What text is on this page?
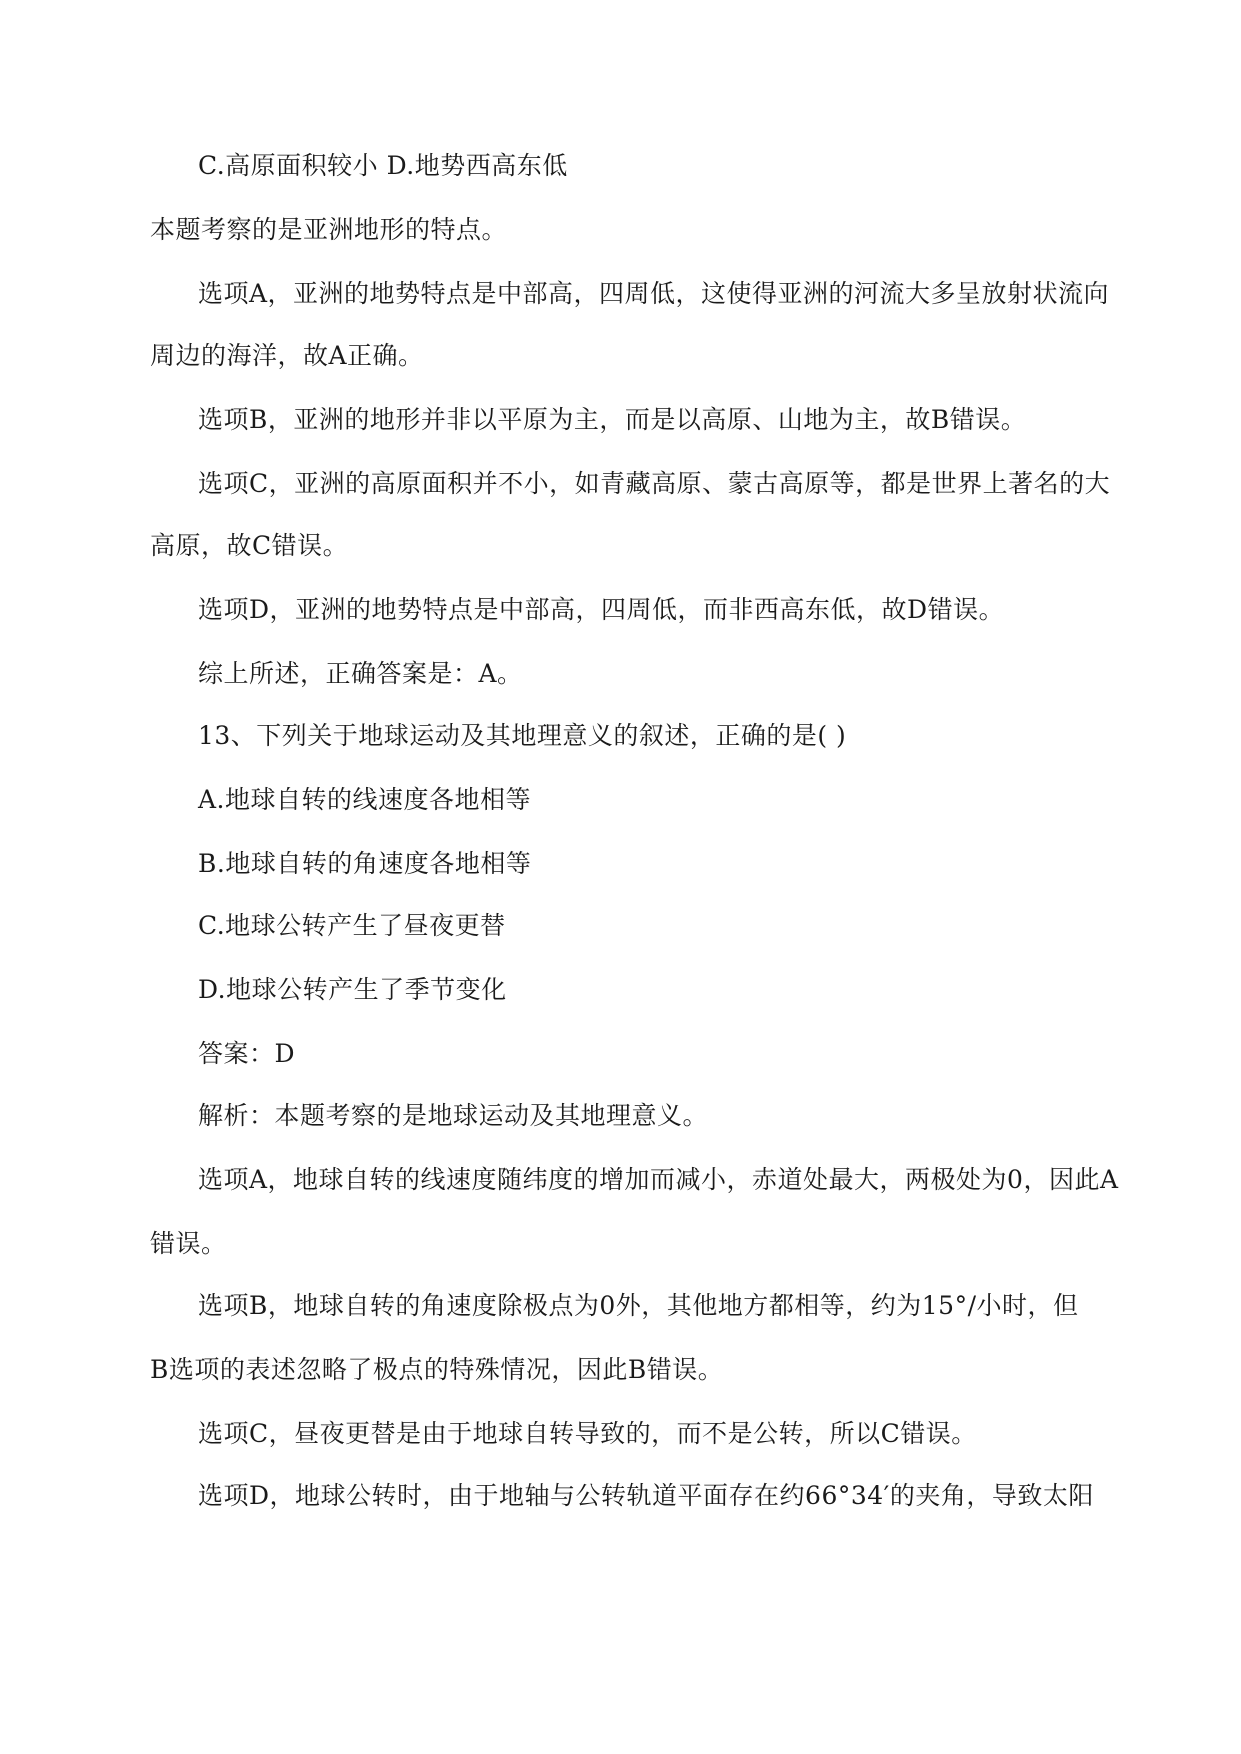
C.高原面积较小 D.地势西高东低
本题考察的是亚洲地形的特点。
选项A，亚洲的地势特点是中部高，四周低，这使得亚洲的河流大多呈放射状流向
周边的海洋，故A正确。
选项B，亚洲的地形并非以平原为主，而是以高原、山地为主，故B错误。
选项C，亚洲的高原面积并不小，如青藏高原、蒙古高原等，都是世界上著名的大
高原，故C错误。
选项D，亚洲的地势特点是中部高，四周低，而非西高东低，故D错误。
综上所述，正确答案是：A。
13、下列关于地球运动及其地理意义的叙述，正确的是( )
A.地球自转的线速度各地相等
B.地球自转的角速度各地相等
C.地球公转产生了昼夜更替
D.地球公转产生了季节变化
答案：D
解析：本题考察的是地球运动及其地理意义。
选项A，地球自转的线速度随纬度的增加而减小，赤道处最大，两极处为0，因此A
错误。
选项B，地球自转的角速度除极点为0外，其他地方都相等，约为15°/小时，但
B选项的表述忽略了极点的特殊情况，因此B错误。
选项C，昼夜更替是由于地球自转导致的，而不是公转，所以C错误。
选项D，地球公转时，由于地轴与公转轨道平面存在约66°34′的夹角，导致太阳
